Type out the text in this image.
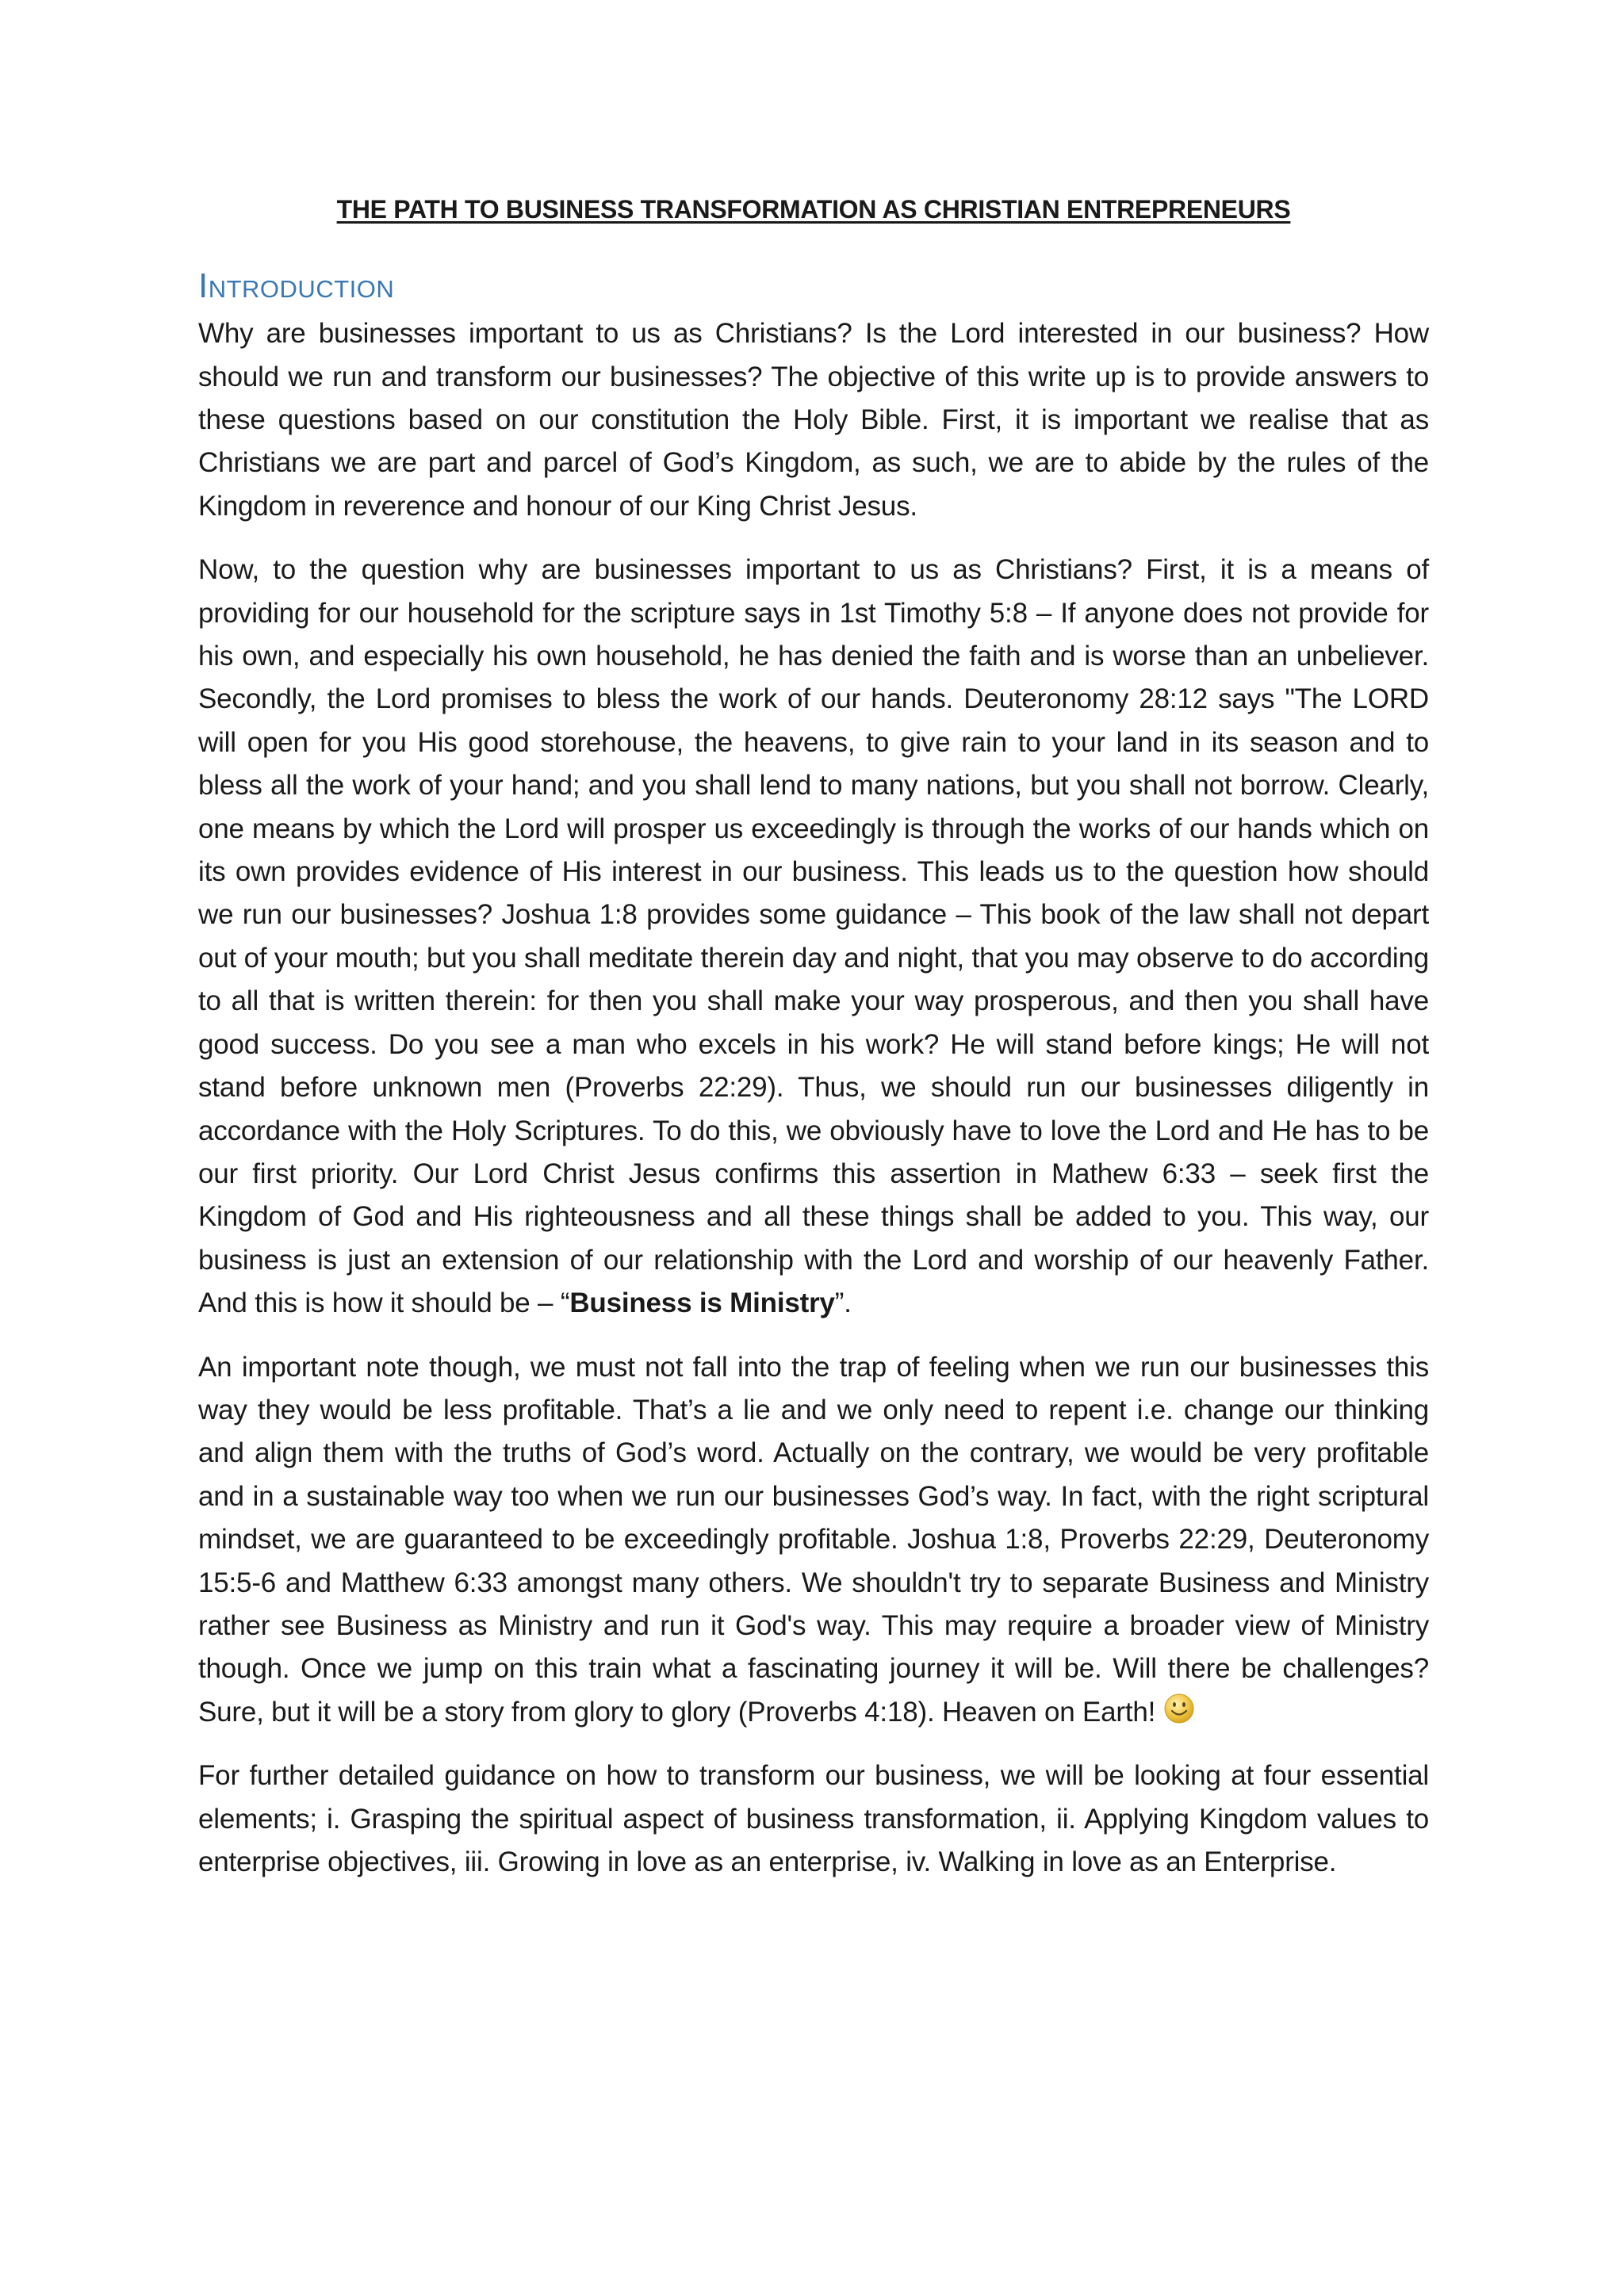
THE PATH TO BUSINESS TRANSFORMATION AS CHRISTIAN ENTREPRENEURS
Introduction

Why are businesses important to us as Christians? Is the Lord interested in our business? How should we run and transform our businesses? The objective of this write up is to provide answers to these questions based on our constitution the Holy Bible. First, it is important we realise that as Christians we are part and parcel of God’s Kingdom, as such, we are to abide by the rules of the Kingdom in reverence and honour of our King Christ Jesus.

Now, to the question why are businesses important to us as Christians? First, it is a means of providing for our household for the scripture says in 1st Timothy 5:8 – If anyone does not provide for his own, and especially his own household, he has denied the faith and is worse than an unbeliever. Secondly, the Lord promises to bless the work of our hands. Deuteronomy 28:12 says "The LORD will open for you His good storehouse, the heavens, to give rain to your land in its season and to bless all the work of your hand; and you shall lend to many nations, but you shall not borrow. Clearly, one means by which the Lord will prosper us exceedingly is through the works of our hands which on its own provides evidence of His interest in our business. This leads us to the question how should we run our businesses? Joshua 1:8 provides some guidance – This book of the law shall not depart out of your mouth; but you shall meditate therein day and night, that you may observe to do according to all that is written therein: for then you shall make your way prosperous, and then you shall have good success. Do you see a man who excels in his work? He will stand before kings; He will not stand before unknown men (Proverbs 22:29). Thus, we should run our businesses diligently in accordance with the Holy Scriptures. To do this, we obviously have to love the Lord and He has to be our first priority. Our Lord Christ Jesus confirms this assertion in Mathew 6:33 – seek first the Kingdom of God and His righteousness and all these things shall be added to you. This way, our business is just an extension of our relationship with the Lord and worship of our heavenly Father. And this is how it should be – “Business is Ministry”.

An important note though, we must not fall into the trap of feeling when we run our businesses this way they would be less profitable. That’s a lie and we only need to repent i.e. change our thinking and align them with the truths of God’s word. Actually on the contrary, we would be very profitable and in a sustainable way too when we run our businesses God’s way. In fact, with the right scriptural mindset, we are guaranteed to be exceedingly profitable. Joshua 1:8, Proverbs 22:29, Deuteronomy 15:5-6 and Matthew 6:33 amongst many others. We shouldn't try to separate Business and Ministry rather see Business as Ministry and run it God's way. This may require a broader view of Ministry though. Once we jump on this train what a fascinating journey it will be. Will there be challenges? Sure, but it will be a story from glory to glory (Proverbs 4:18). Heaven on Earth!

For further detailed guidance on how to transform our business, we will be looking at four essential elements; i. Grasping the spiritual aspect of business transformation, ii. Applying Kingdom values to enterprise objectives, iii. Growing in love as an enterprise, iv. Walking in love as an Enterprise.
